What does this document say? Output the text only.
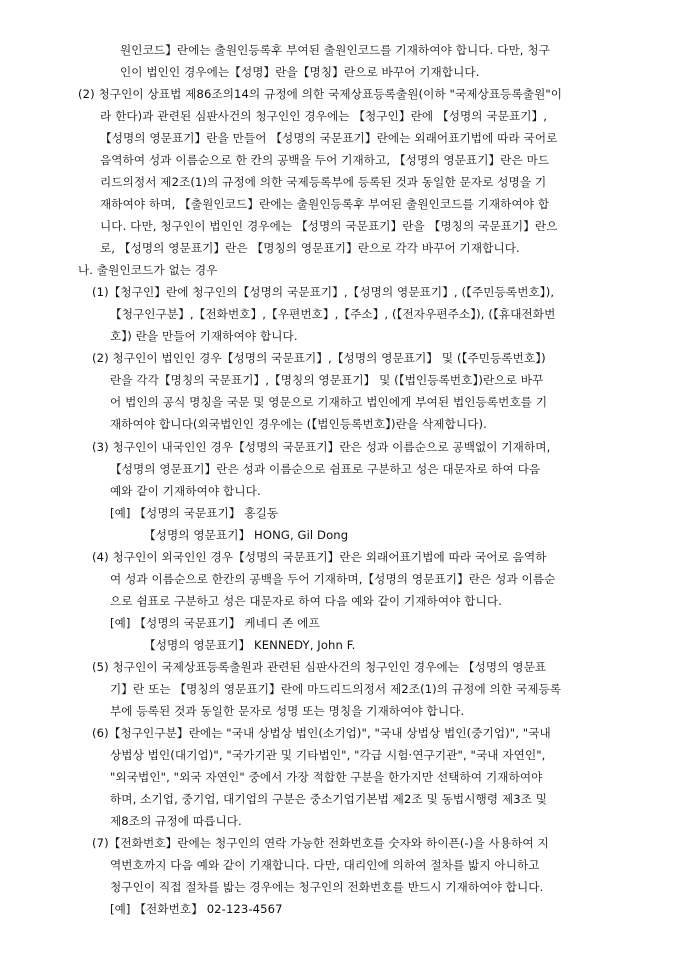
원인코드】란에는 출원인등록후 부여된 출원인코드를 기재하여야 합니다. 다만, 청구
인이 법인인 경우에는【성명】란을【명칭】란으로 바꾸어 기재합니다.
(2) 청구인이 상표법 제86조의14의 규정에 의한 국제상표등록출원(이하 "국제상표등록출원"이
라 한다)과 관련된 심판사건의 청구인인 경우에는 【청구인】란에 【성명의 국문표기】,
【성명의 영문표기】란을 만들어 【성명의 국문표기】란에는 외래어표기법에 따라 국어로
음역하여 성과 이름순으로 한 칸의 공백을 두어 기재하고, 【성명의 영문표기】란은 마드
리드의정서 제2조(1)의 규정에 의한 국제등록부에 등록된 것과 동일한 문자로 성명을 기
재하여야 하며, 【출원인코드】란에는 출원인등록후 부여된 출원인코드를 기재하여야 합
니다. 다만, 청구인이 법인인 경우에는 【성명의 국문표기】란을 【명칭의 국문표기】란으
로, 【성명의 영문표기】란은 【명칭의 영문표기】란으로 각각 바꾸어 기재합니다.
나. 출원인코드가 없는 경우
(1)【청구인】란에 청구인의【성명의 국문표기】,【성명의 영문표기】, (【주민등록번호】),
【청구인구분】,【전화번호】,【우편번호】,【주소】, (【전자우편주소】), (【휴대전화번
호】) 란을 만들어 기재하여야 합니다.
(2) 청구인이 법인인 경우【성명의 국문표기】,【성명의 영문표기】 및 (【주민등록번호】)
란을 각각【명칭의 국문표기】,【명칭의 영문표기】 및 (【법인등록번호】)란으로 바꾸
어 법인의 공식 명칭을 국문 및 영문으로 기재하고 법인에게 부여된 법인등록번호를 기
재하여야 합니다(외국법인인 경우에는 (【법인등록번호】)란을 삭제합니다).
(3) 청구인이 내국인인 경우【성명의 국문표기】란은 성과 이름순으로 공백없이 기재하며,
【성명의 영문표기】란은 성과 이름순으로 쉼표로 구분하고 성은 대문자로 하여 다음
예와 같이 기재하여야 합니다.
[예] 【성명의 국문표기】 홍길동
【성명의 영문표기】 HONG, Gil Dong
(4) 청구인이 외국인인 경우【성명의 국문표기】란은 외래어표기법에 따라 국어로 음역하
여 성과 이름순으로 한칸의 공백을 두어 기재하며,【성명의 영문표기】란은 성과 이름순
으로 쉼표로 구분하고 성은 대문자로 하여 다음 예와 같이 기재하여야 합니다.
[예] 【성명의 국문표기】 케네디 존 에프
【성명의 영문표기】 KENNEDY, John F.
(5) 청구인이 국제상표등록출원과 관련된 심판사건의 청구인인 경우에는 【성명의 영문표
기】란 또는 【명칭의 영문표기】란에 마드리드의정서 제2조(1)의 규정에 의한 국제등록
부에 등록된 것과 동일한 문자로 성명 또는 명칭을 기재하여야 합니다.
(6)【청구인구분】란에는 "국내 상법상 법인(소기업)", "국내 상법상 법인(중기업)", "국내
상법상 법인(대기업)", "국가기관 및 기타법인", "각급 시험·연구기관", "국내 자연인",
"외국법인", "외국 자연인" 중에서 가장 적합한 구분을 한가지만 선택하여 기재하여야
하며, 소기업, 중기업, 대기업의 구분은 중소기업기본법 제2조 및 동법시행령 제3조 및
제8조의 규정에 따릅니다.
(7)【전화번호】란에는 청구인의 연락 가능한 전화번호를 숫자와 하이픈(-)을 사용하여 지
역번호까지 다음 예와 같이 기재합니다. 다만, 대리인에 의하여 절차를 밟지 아니하고
청구인이 직접 절차를 밟는 경우에는 청구인의 전화번호를 반드시 기재하여야 합니다.
[예] 【전화번호】 02-123-4567
